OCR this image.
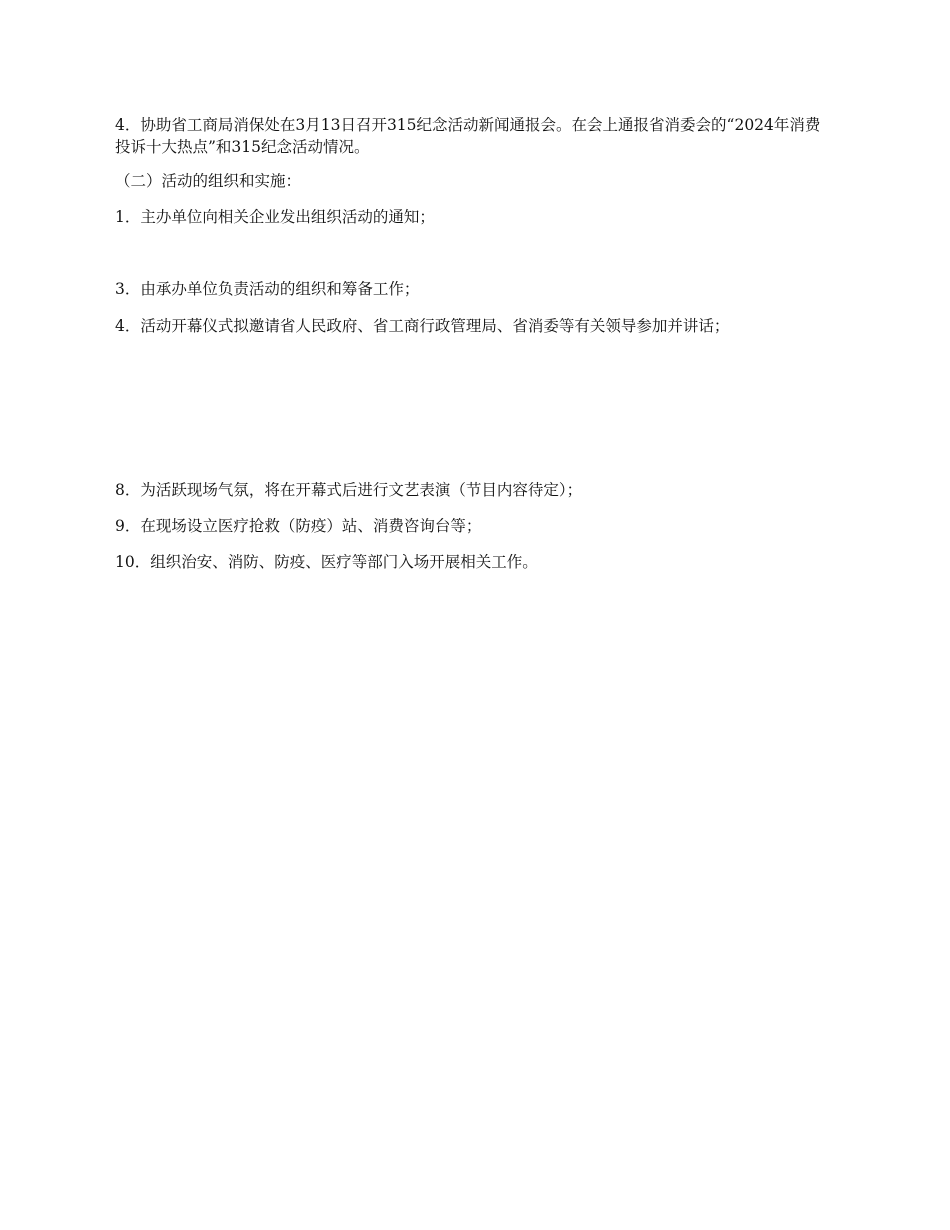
4．协助省工商局消保处在3月13日召开315纪念活动新闻通报会。在会上通报省消委会的“2024年消费投诉十大热点”和315纪念活动情况。

（二）活动的组织和实施：

1．主办单位向相关企业发出组织活动的通知；

3．由承办单位负责活动的组织和筹备工作；

4．活动开幕仪式拟邀请省人民政府、省工商行政管理局、省消委等有关领导参加并讲话；

8．为活跃现场气氛，将在开幕式后进行文艺表演（节目内容待定）；

9．在现场设立医疗抢救（防疫）站、消费咨询台等；

10．组织治安、消防、防疫、医疗等部门入场开展相关工作。
